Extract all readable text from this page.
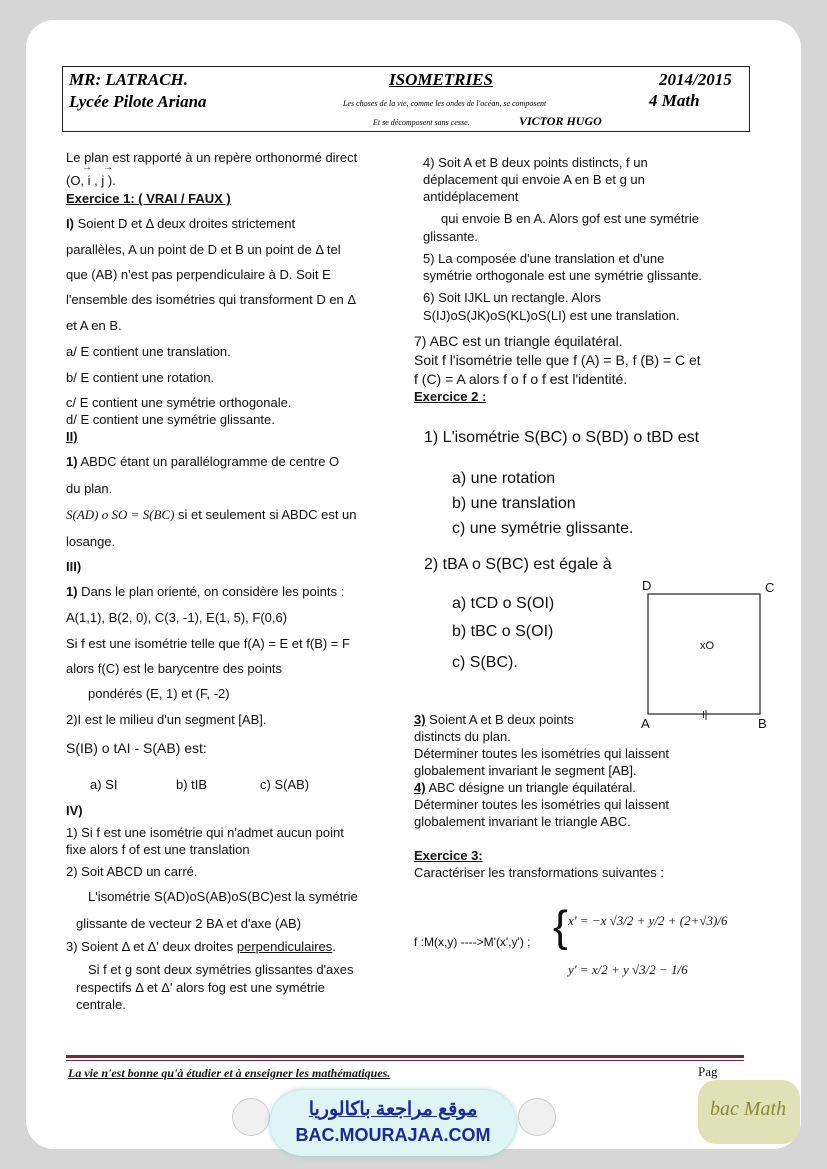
MR: LATRACH.
Lycée Pilote Ariana
ISOMETRIES	2014/2015
4 Math
Les choses de la vie, comme les ondes de l'océan, se composent
Et se décomposent sans cesse.	VICTOR HUGO
Le plan est rapporté à un repère orthonormé direct
(O, i , j ).
→    →
Exercice 1: ( VRAI / FAUX )
I) Soient D et Δ deux droites strictement
parallèles, A un point de D et B un point de Δ tel
que (AB) n'est pas perpendiculaire à D. Soit E
l'ensemble des isométries qui transforment D en Δ
et A en B.
a/ E contient une translation.
b/ E contient une rotation.
c/ E contient une symétrie orthogonale.
d/ E contient une symétrie glissante.
II)
1) ABDC étant un parallélogramme de centre O
du plan.
S(AD) o SO = S(BC) si et seulement si ABDC est un
losange.
III)
1) Dans le plan orienté, on considère les points :
A(1,1), B(2, 0), C(3, -1), E(1, 5), F(0,6)
Si f est une isométrie telle que f(A) = E et f(B) = F
alors f(C) est le barycentre des points
pondérés (E, 1) et (F, -2)
2)I est le milieu d'un segment [AB].
S(IB) o tAI - S(AB) est:
a) SI	b) tIB	c) S(AB)
IV)
1) Si f est une isométrie qui n'admet aucun point
fixe alors f of est une translation
2) Soit ABCD un carré.
L'isométrie S(AD)oS(AB)oS(BC)est la symétrie
glissante de vecteur 2 BA et d'axe (AB)
3) Soient Δ et Δ' deux droites perpendiculaires.
Si f et g sont deux symétries glissantes d'axes
respectifs Δ et Δ' alors fog est une symétrie
centrale.
4) Soit A et B deux points distincts, f un
déplacement qui envoie A en B et g un
antidéplacement
qui envoie B en A. Alors gof est une symétrie
glissante.
5) La composée d'une translation et d'une
symétrie orthogonale est une symétrie glissante.
6) Soit IJKL un rectangle. Alors
S(IJ)oS(JK)oS(KL)oS(LI) est une translation.
7) ABC est un triangle équilatéral.
Soit f l'isométrie telle que f (A) = B, f (B) = C et
f (C) = A alors f o f o f est l'identité.
Exercice 2 :
1) L'isométrie S(BC) o S(BD) o tBD est
a) une rotation
b) une translation
c) une symétrie glissante.
2) tBA o S(BC) est égale à
a) tCD o S(OI)
b) tBC o S(OI)
c) S(BC).
D	C
A	B
xO
I
3) Soient A et B deux points
distincts du plan.
Déterminer toutes les isométries qui laissent
globalement invariant le segment [AB].
4) ABC désigne un triangle équilatéral.
Déterminer toutes les isométries qui laissent
globalement invariant le triangle ABC.
Exercice 3:
Caractériser les transformations suivantes :
f :M(x,y) ---->M'(x',y') ; { x' = −x √3/2 + y/2 + (2+√3)/6
y' = x/2 + y √3/2 − 1/6
La vie n'est bonne qu'à étudier et à enseigner les mathématiques.	Pag
موقع مراجعة باكالوريا
BAC.MOURAJAA.COM
bac Math
